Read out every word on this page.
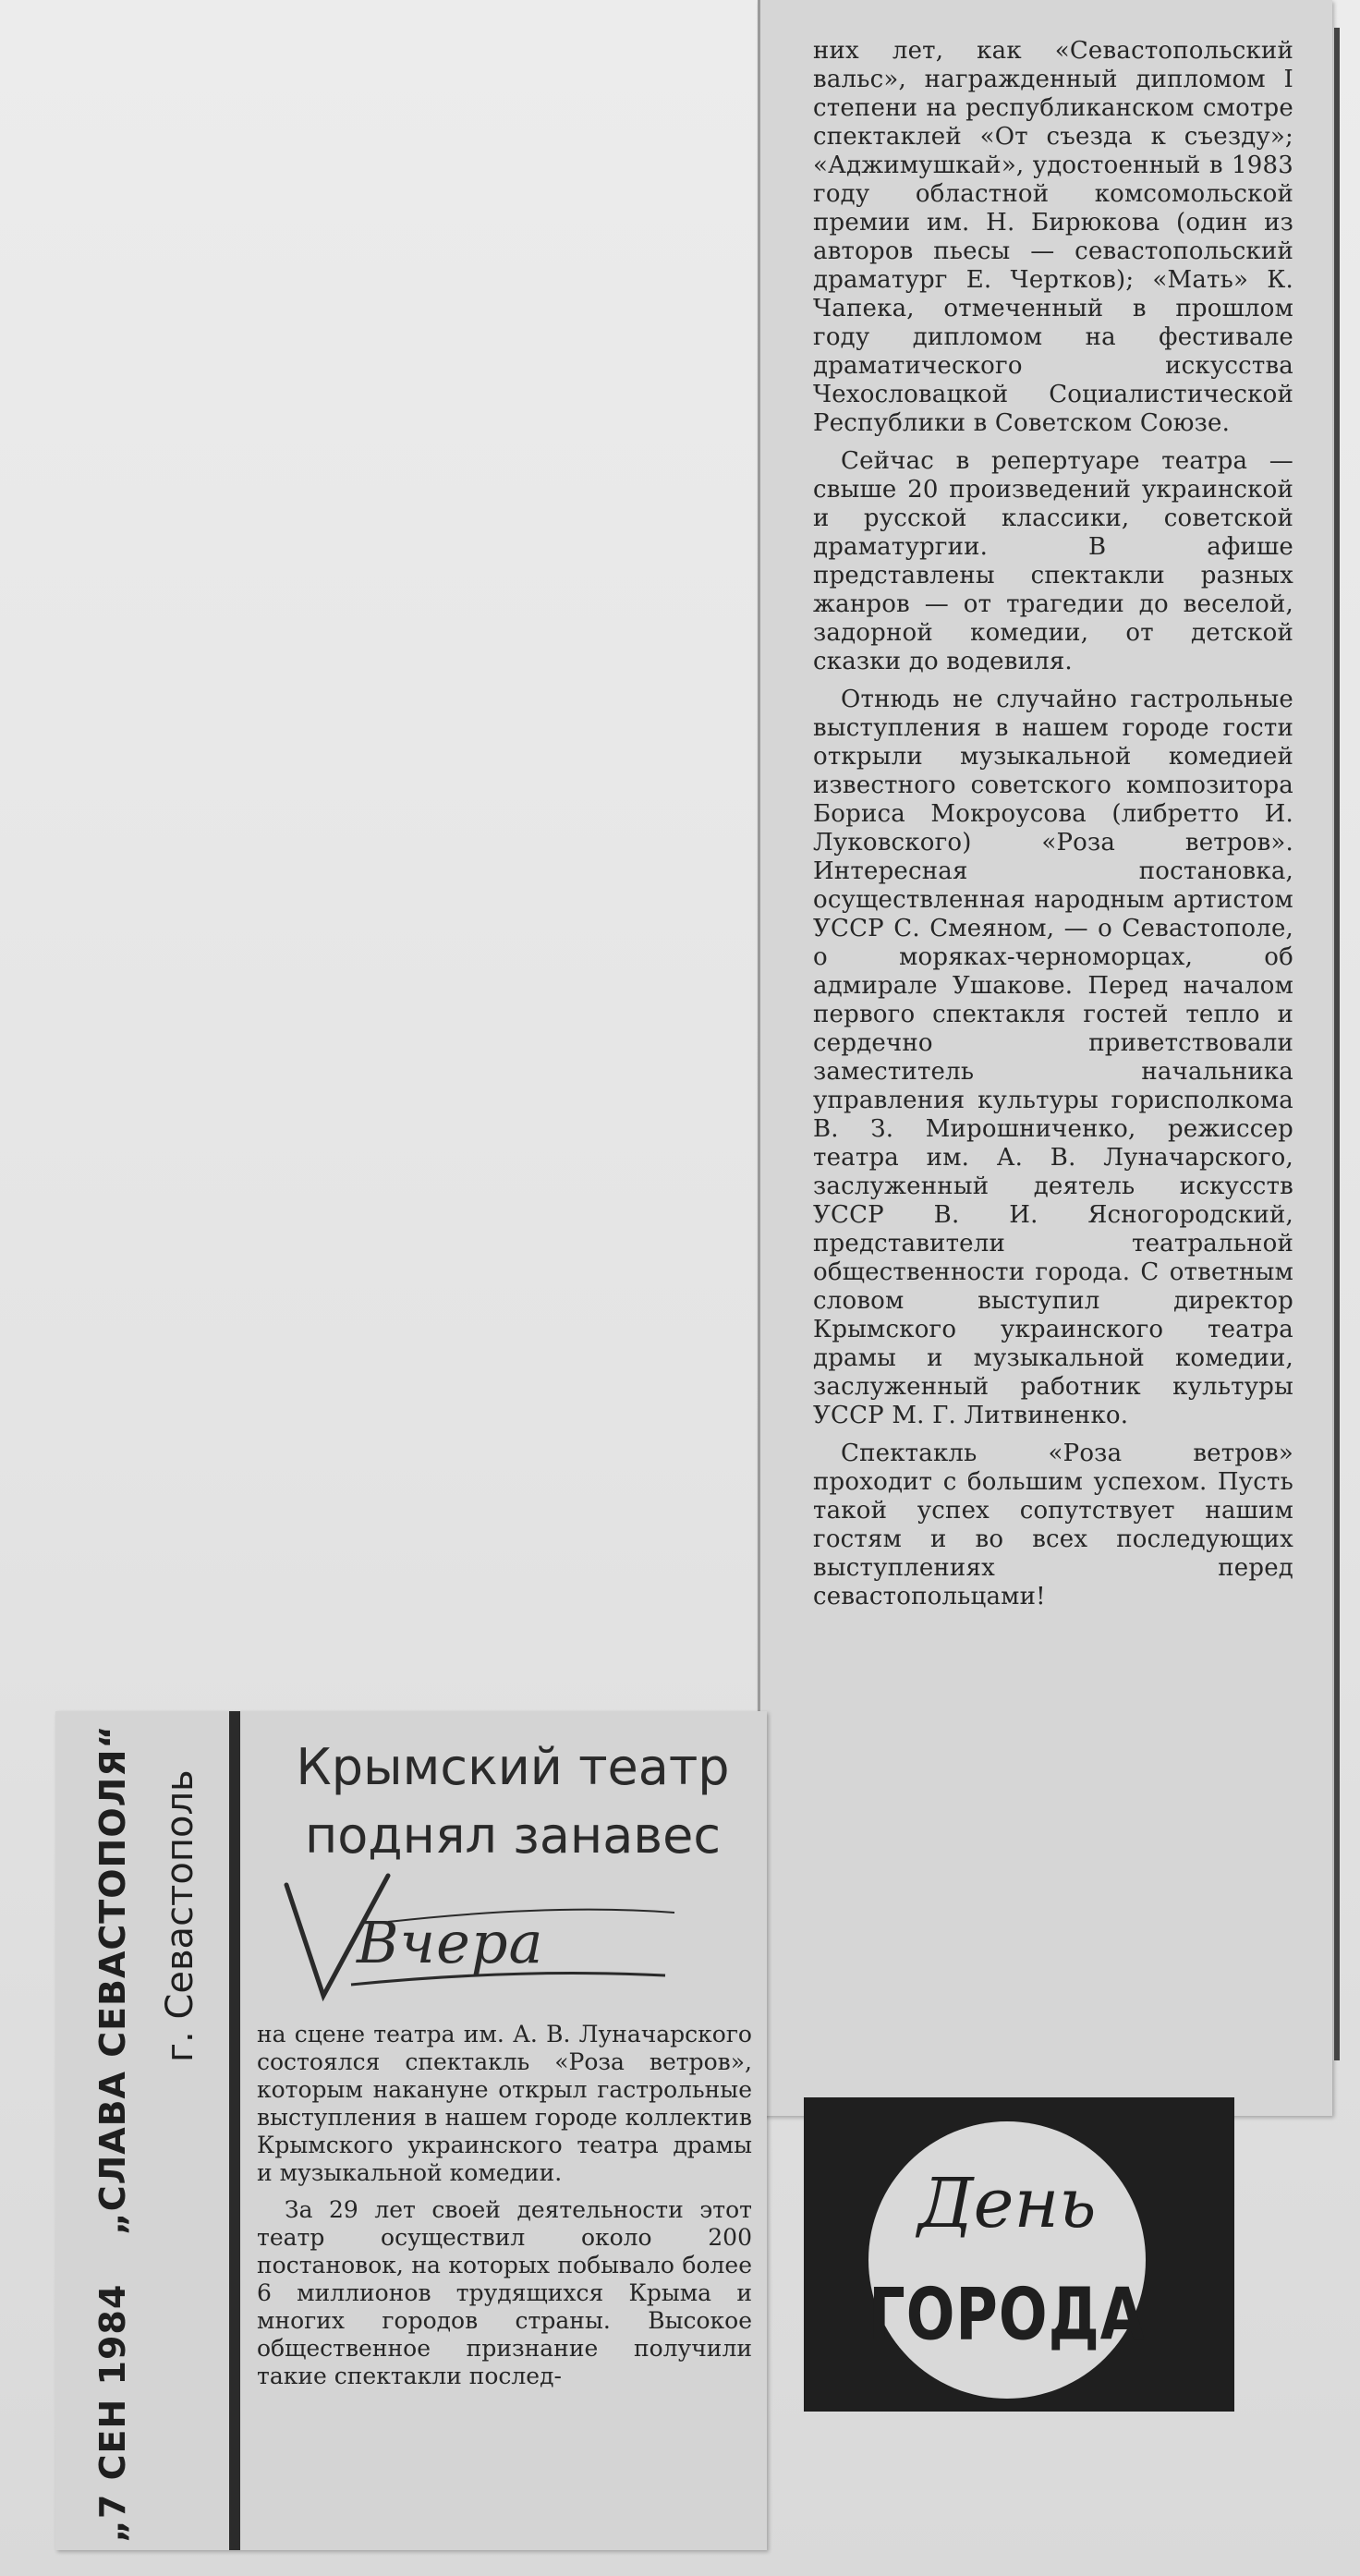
них лет, как «Севастопольский вальс», награжденный дипломом I степени на республиканском смотре спектаклей «От съезда к съезду»; «Аджимушкай», удостоенный в 1983 году областной комсомольской премии им. Н. Бирюкова (один из авторов пьесы — севастопольский драматург Е. Чертков); «Мать» К. Чапека, отмеченный в прошлом году дипломом на фестивале драматического искусства Чехословацкой Социалистической Республики в Советском Союзе.

Сейчас в репертуаре театра — свыше 20 произведений украинской и русской классики, советской драматургии. В афише представлены спектакли разных жанров — от трагедии до веселой, задорной комедии, от детской сказки до водевиля.

Отнюдь не случайно гастрольные выступления в нашем городе гости открыли музыкальной комедией известного советского композитора Бориса Мокроусова (либретто И. Луковского) «Роза ветров». Интересная постановка, осуществленная народным артистом УССР С. Смеяном, — о Севастополе, о моряках-черноморцах, об адмирале Ушакове. Перед началом первого спектакля гостей тепло и сердечно приветствовали заместитель начальника управления культуры горисполкома В. З. Мирошниченко, режиссер театра им. А. В. Луначарского, заслуженный деятель искусств УССР В. И. Ясногородский, представители театральной общественности города. С ответным словом выступил директор Крымского украинского театра драмы и музыкальной комедии, заслуженный работник культуры УССР М. Г. Литвиненко.

Спектакль «Роза ветров» проходит с большим успехом. Пусть такой успех сопутствует нашим гостям и во всех последующих выступлениях перед севастопольцами!

„7 СЕН 1984  „СЛАВА СЕВАСТОПОЛЯ“ г. Севастополь
Крымский театр
поднял занавес
Вчера

на сцене театра им. А. В. Луначарского состоялся спектакль «Роза ветров», которым накануне открыл гастрольные выступления в нашем городе коллектив Крымского украинского театра драмы и музыкальной комедии.

За 29 лет своей деятельности этот театр осуществил около 200 постановок, на которых побывало более 6 миллионов трудящихся Крыма и многих городов страны. Высокое общественное признание получили такие спектакли послед-

День
ГОРОДА
